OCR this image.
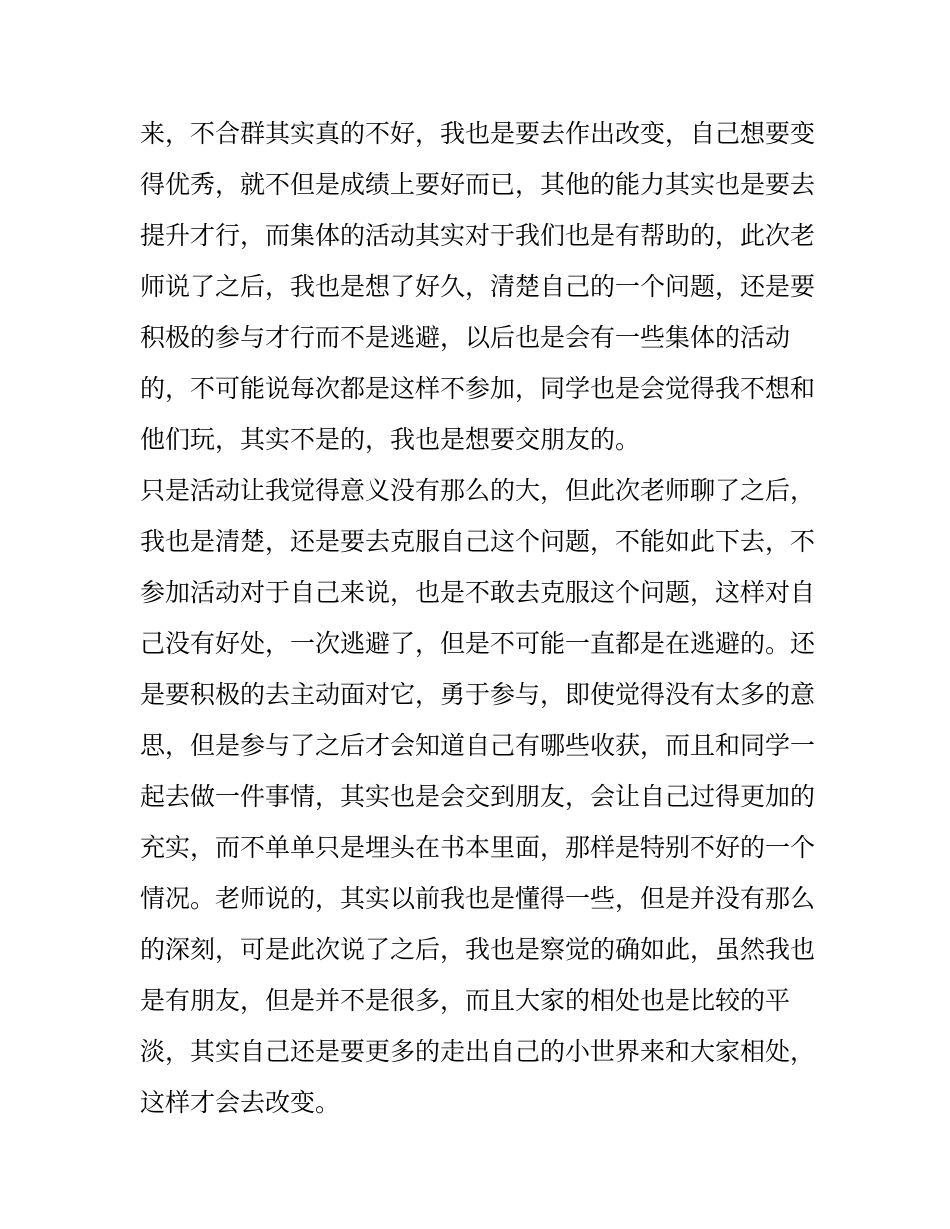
来，不合群其实真的不好，我也是要去作出改变，自己想要变
得优秀，就不但是成绩上要好而已，其他的能力其实也是要去
提升才行，而集体的活动其实对于我们也是有帮助的，此次老
师说了之后，我也是想了好久，清楚自己的一个问题，还是要
积极的参与才行而不是逃避，以后也是会有一些集体的活动
的，不可能说每次都是这样不参加，同学也是会觉得我不想和
他们玩，其实不是的，我也是想要交朋友的。
只是活动让我觉得意义没有那么的大，但此次老师聊了之后，
我也是清楚，还是要去克服自己这个问题，不能如此下去，不
参加活动对于自己来说，也是不敢去克服这个问题，这样对自
己没有好处，一次逃避了，但是不可能一直都是在逃避的。还
是要积极的去主动面对它，勇于参与，即使觉得没有太多的意
思，但是参与了之后才会知道自己有哪些收获，而且和同学一
起去做一件事情，其实也是会交到朋友，会让自己过得更加的
充实，而不单单只是埋头在书本里面，那样是特别不好的一个
情况。老师说的，其实以前我也是懂得一些，但是并没有那么
的深刻，可是此次说了之后，我也是察觉的确如此，虽然我也
是有朋友，但是并不是很多，而且大家的相处也是比较的平
淡，其实自己还是要更多的走出自己的小世界来和大家相处，
这样才会去改变。
